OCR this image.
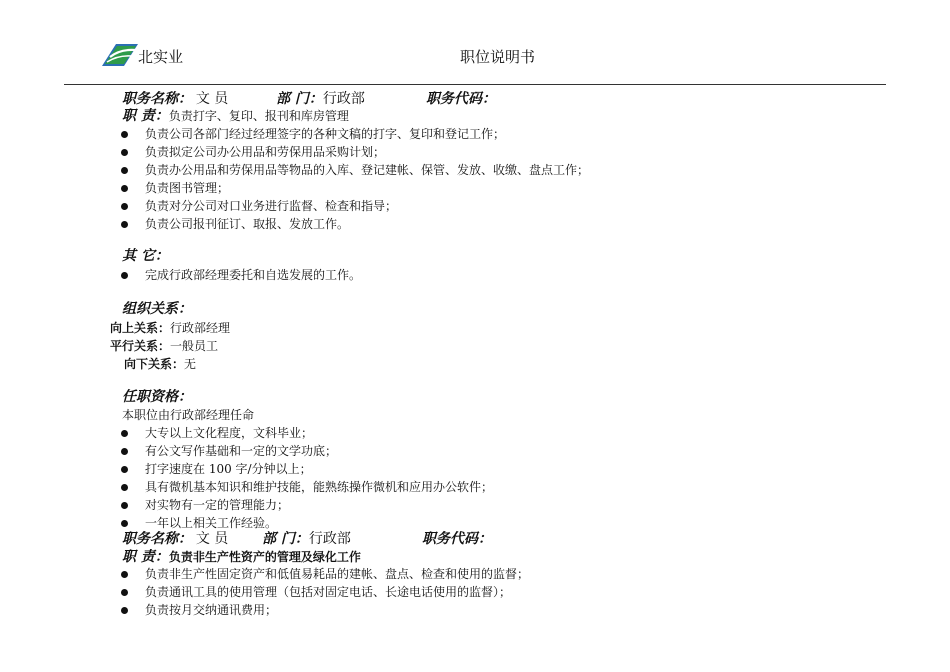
北实业	职位说明书
职务名称： 文 员	部 门：行政部	职务代码：
职 责：负责打字、复印、报刊和库房管理
负责公司各部门经过经理签字的各种文稿的打字、复印和登记工作；
负责拟定公司办公用品和劳保用品采购计划；
负责办公用品和劳保用品等物品的入库、登记建帐、保管、发放、收缴、盘点工作；
负责图书管理；
负责对分公司对口业务进行监督、检查和指导；
负责公司报刊征订、取报、发放工作。
其 它：
完成行政部经理委托和自选发展的工作。
组织关系：
向上关系：行政部经理
平行关系：一般员工
向下关系：无
任职资格：
本职位由行政部经理任命
大专以上文化程度，文科毕业；
有公文写作基础和一定的文学功底；
打字速度在 100 字/分钟以上；
具有微机基本知识和维护技能，能熟练操作微机和应用办公软件；
对实物有一定的管理能力；
一年以上相关工作经验。
职务名称： 文 员 部 门：行政部	职务代码：
职 责：负责非生产性资产的管理及绿化工作
负责非生产性固定资产和低值易耗品的建帐、盘点、检查和使用的监督；
负责通讯工具的使用管理（包括对固定电话、长途电话使用的监督）；
负责按月交纳通讯费用；
